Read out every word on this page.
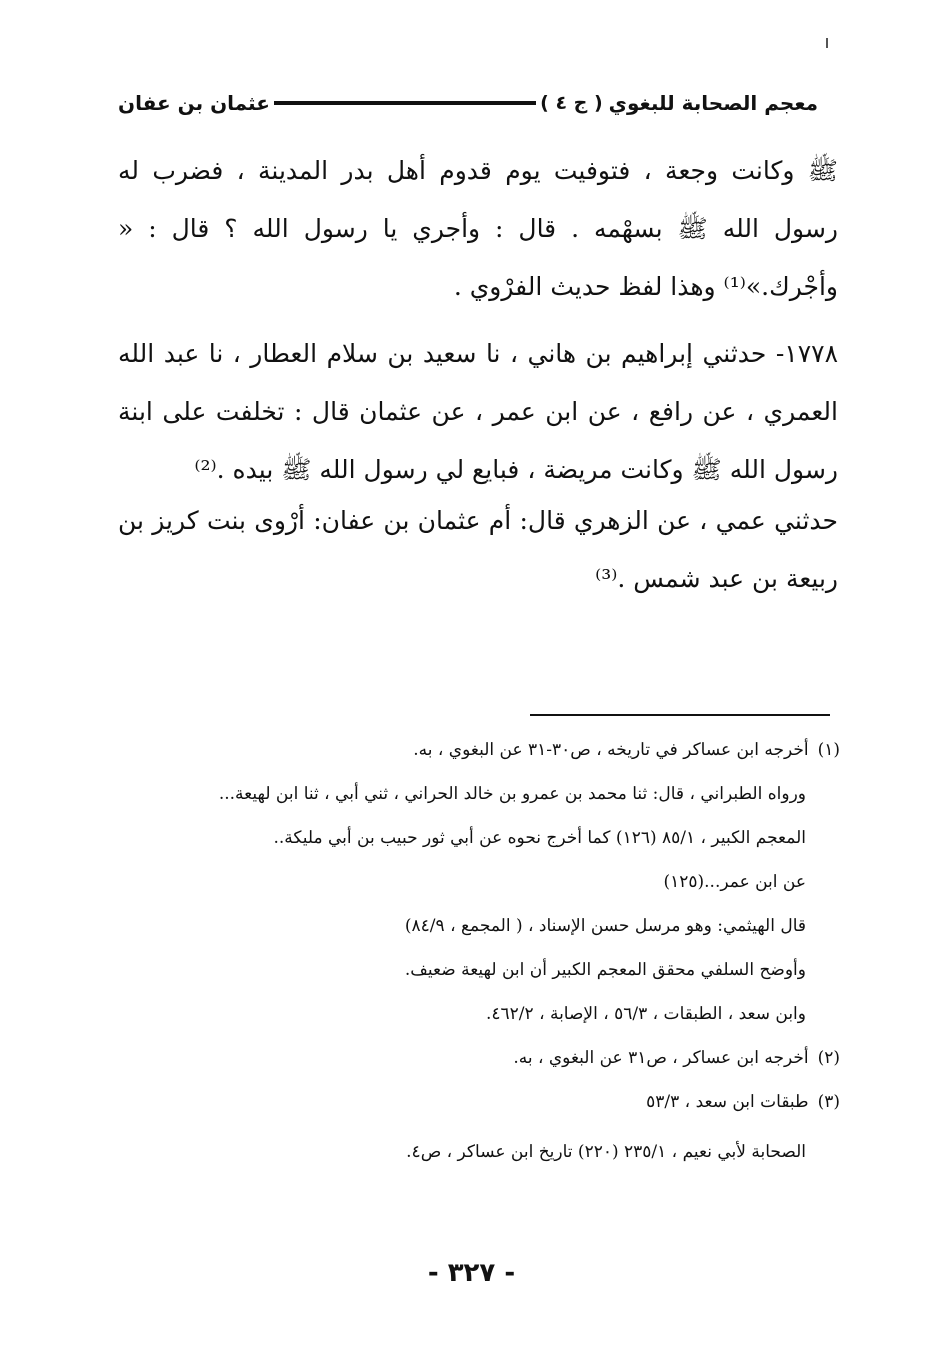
معجم الصحابة للبغوي
( ج ٤ )
عثمان بن عفان

ﷺ وكانت وجعة ، فتوفيت يوم قدوم أهل بدر المدينة ، فضرب له رسول الله ﷺ بسهْمه . قال : وأجري يا رسول الله ؟ قال : « وأجْرك.»⁽¹⁾ وهذا لفظ حديث الفرْوي .

١٧٧٨- حدثني إبراهيم بن هاني ، نا سعيد بن سلام العطار ، نا عبد الله العمري ، عن رافع ، عن ابن عمر ، عن عثمان قال : تخلفت على ابنة رسول الله ﷺ وكانت مريضة ، فبايع لي رسول الله ﷺ بيده .⁽²⁾

حدثني عمي ، عن الزهري قال: أم عثمان بن عفان: أرْوى بنت كريز بن ربيعة بن عبد شمس .⁽³⁾

(١) أخرجه ابن عساكر في تاريخه ، ص٣٠-٣١ عن البغوي ، به.
ورواه الطبراني ، قال: ثنا محمد بن عمرو بن خالد الحراني ، ثني أبي ، ثنا ابن لهيعة...
المعجم الكبير ، ٨٥/١ (١٢٦) كما أخرج نحوه عن أبي ثور حبيب بن أبي مليكة..
عن ابن عمر...(١٢٥)
قال الهيثمي: وهو مرسل حسن الإسناد ، ( المجمع ، ٨٤/٩)
وأوضح السلفي محقق المعجم الكبير أن ابن لهيعة ضعيف.
وابن سعد ، الطبقات ، ٥٦/٣ ، الإصابة ، ٤٦٢/٢.
(٢) أخرجه ابن عساكر ، ص٣١ عن البغوي ، به.
(٣) طبقات ابن سعد ، ٥٣/٣
الصحابة لأبي نعيم ، ٢٣٥/١ (٢٢٠) تاريخ ابن عساكر ، ص٤.
- ٣٢٧ -
